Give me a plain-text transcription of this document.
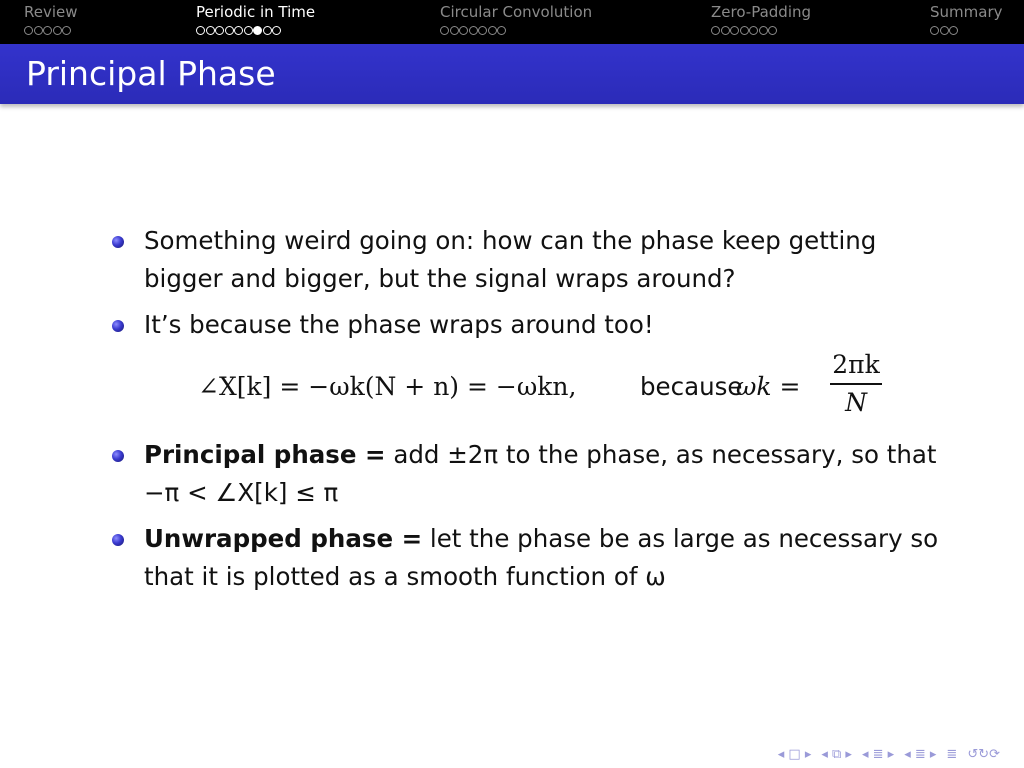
Review	Periodic in Time	Circular Convolution	Zero-Padding	Summary
Principal Phase
Something weird going on: how can the phase keep getting bigger and bigger, but the signal wraps around?
It’s because the phase wraps around too!
∠X[k] = −ωk(N + n) = −ωkn,	because
ωk =
2πk
N
Principal phase = add ±2π to the phase, as necessary, so that −π < ∠X[k] ≤ π
Unwrapped phase = let the phase be as large as necessary so that it is plotted as a smooth function of ω
◂ □ ▸ ◂ ⧉ ▸ ◂ ≣ ▸ ◂ ≣ ▸ ≣ ↺↻⟳
